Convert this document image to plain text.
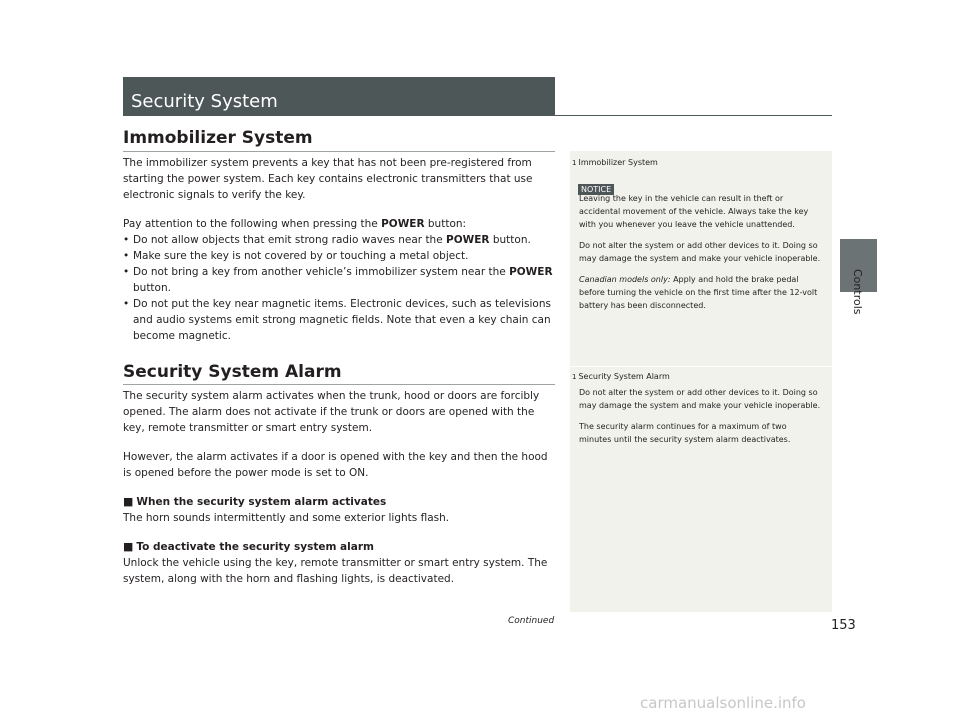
Security System
Controls
Immobilizer System

The immobilizer system prevents a key that has not been pre-registered from starting the power system. Each key contains electronic transmitters that use electronic signals to verify the key.

Pay attention to the following when pressing the POWER button:

• Do not allow objects that emit strong radio waves near the POWER button.
• Make sure the key is not covered by or touching a metal object.
• Do not bring a key from another vehicle’s immobilizer system near the POWER button.
• Do not put the key near magnetic items. Electronic devices, such as televisions and audio systems emit strong magnetic fields. Note that even a key chain can become magnetic.
Security System Alarm

The security system alarm activates when the trunk, hood or doors are forcibly opened. The alarm does not activate if the trunk or doors are opened with the key, remote transmitter or smart entry system.

However, the alarm activates if a door is opened with the key and then the hood is opened before the power mode is set to ON.

■ When the security system alarm activates

The horn sounds intermittently and some exterior lights flash.

■ To deactivate the security system alarm

Unlock the vehicle using the key, remote transmitter or smart entry system. The system, along with the horn and flashing lights, is deactivated.

1 Immobilizer System
NOTICE

Leaving the key in the vehicle can result in theft or accidental movement of the vehicle. Always take the key with you whenever you leave the vehicle unattended.

Do not alter the system or add other devices to it. Doing so may damage the system and make your vehicle inoperable.

Canadian models only: Apply and hold the brake pedal before turning the vehicle on the first time after the 12-volt battery has been disconnected.

1 Security System Alarm

Do not alter the system or add other devices to it. Doing so may damage the system and make your vehicle inoperable.

The security alarm continues for a maximum of two minutes until the security system alarm deactivates.

Continued	153
carmanualsonline.info
